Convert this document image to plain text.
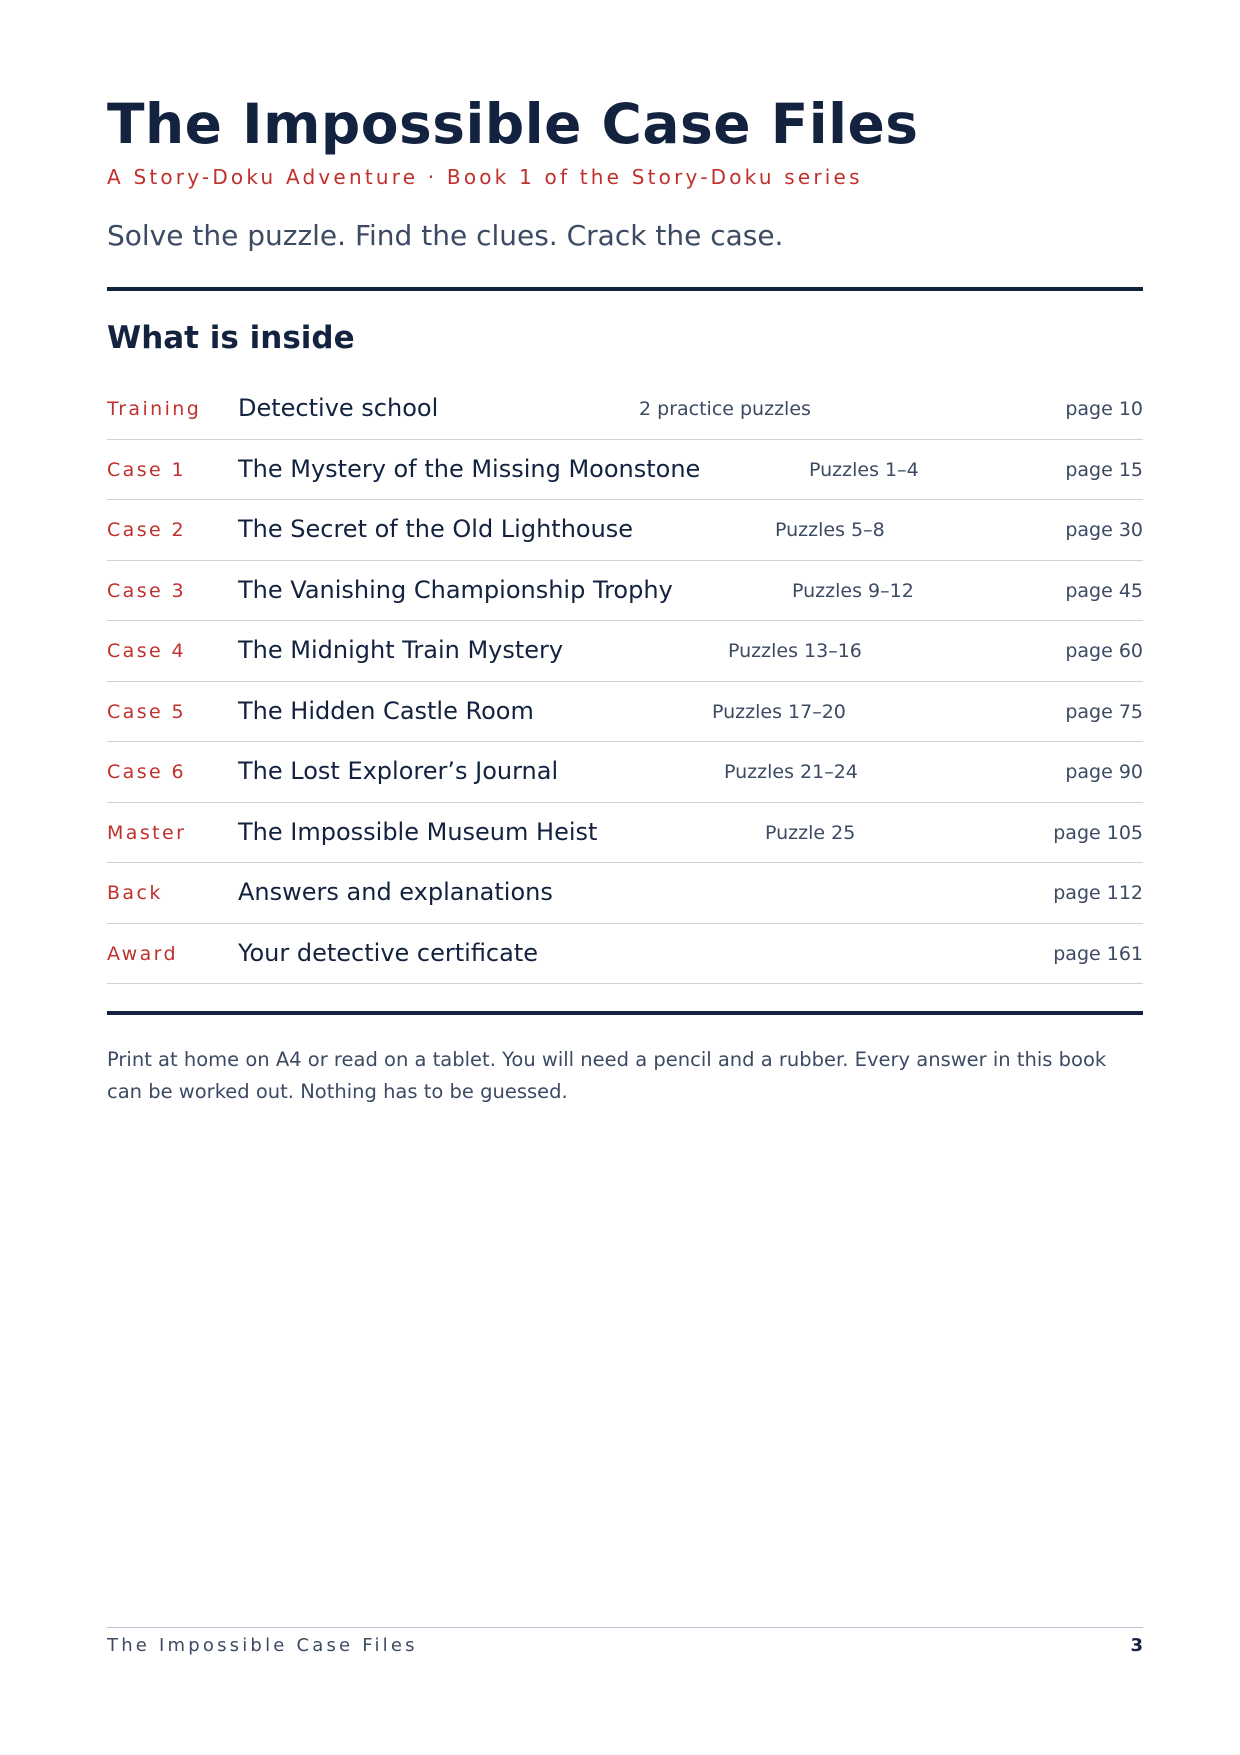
The Impossible Case Files
A Story-Doku Adventure · Book 1 of the Story-Doku series
Solve the puzzle. Find the clues. Crack the case.
What is inside
Training Detective school	2 practice puzzles	page 10
Case 1 The Mystery of the Missing Moonstone	Puzzles 1–4	page 15
Case 2 The Secret of the Old Lighthouse	Puzzles 5–8	page 30
Case 3 The Vanishing Championship Trophy	Puzzles 9–12	page 45
Case 4 The Midnight Train Mystery	Puzzles 13–16	page 60
Case 5 The Hidden Castle Room	Puzzles 17–20	page 75
Case 6 The Lost Explorer’s Journal	Puzzles 21–24	page 90
Master The Impossible Museum Heist	Puzzle 25	page 105
Back	Answers and explanations	page 112
Award	Your detective certificate	page 161

Print at home on A4 or read on a tablet. You will need a pencil and a rubber. Every answer in this book can be worked out. Nothing has to be guessed.

The Impossible Case Files	3
